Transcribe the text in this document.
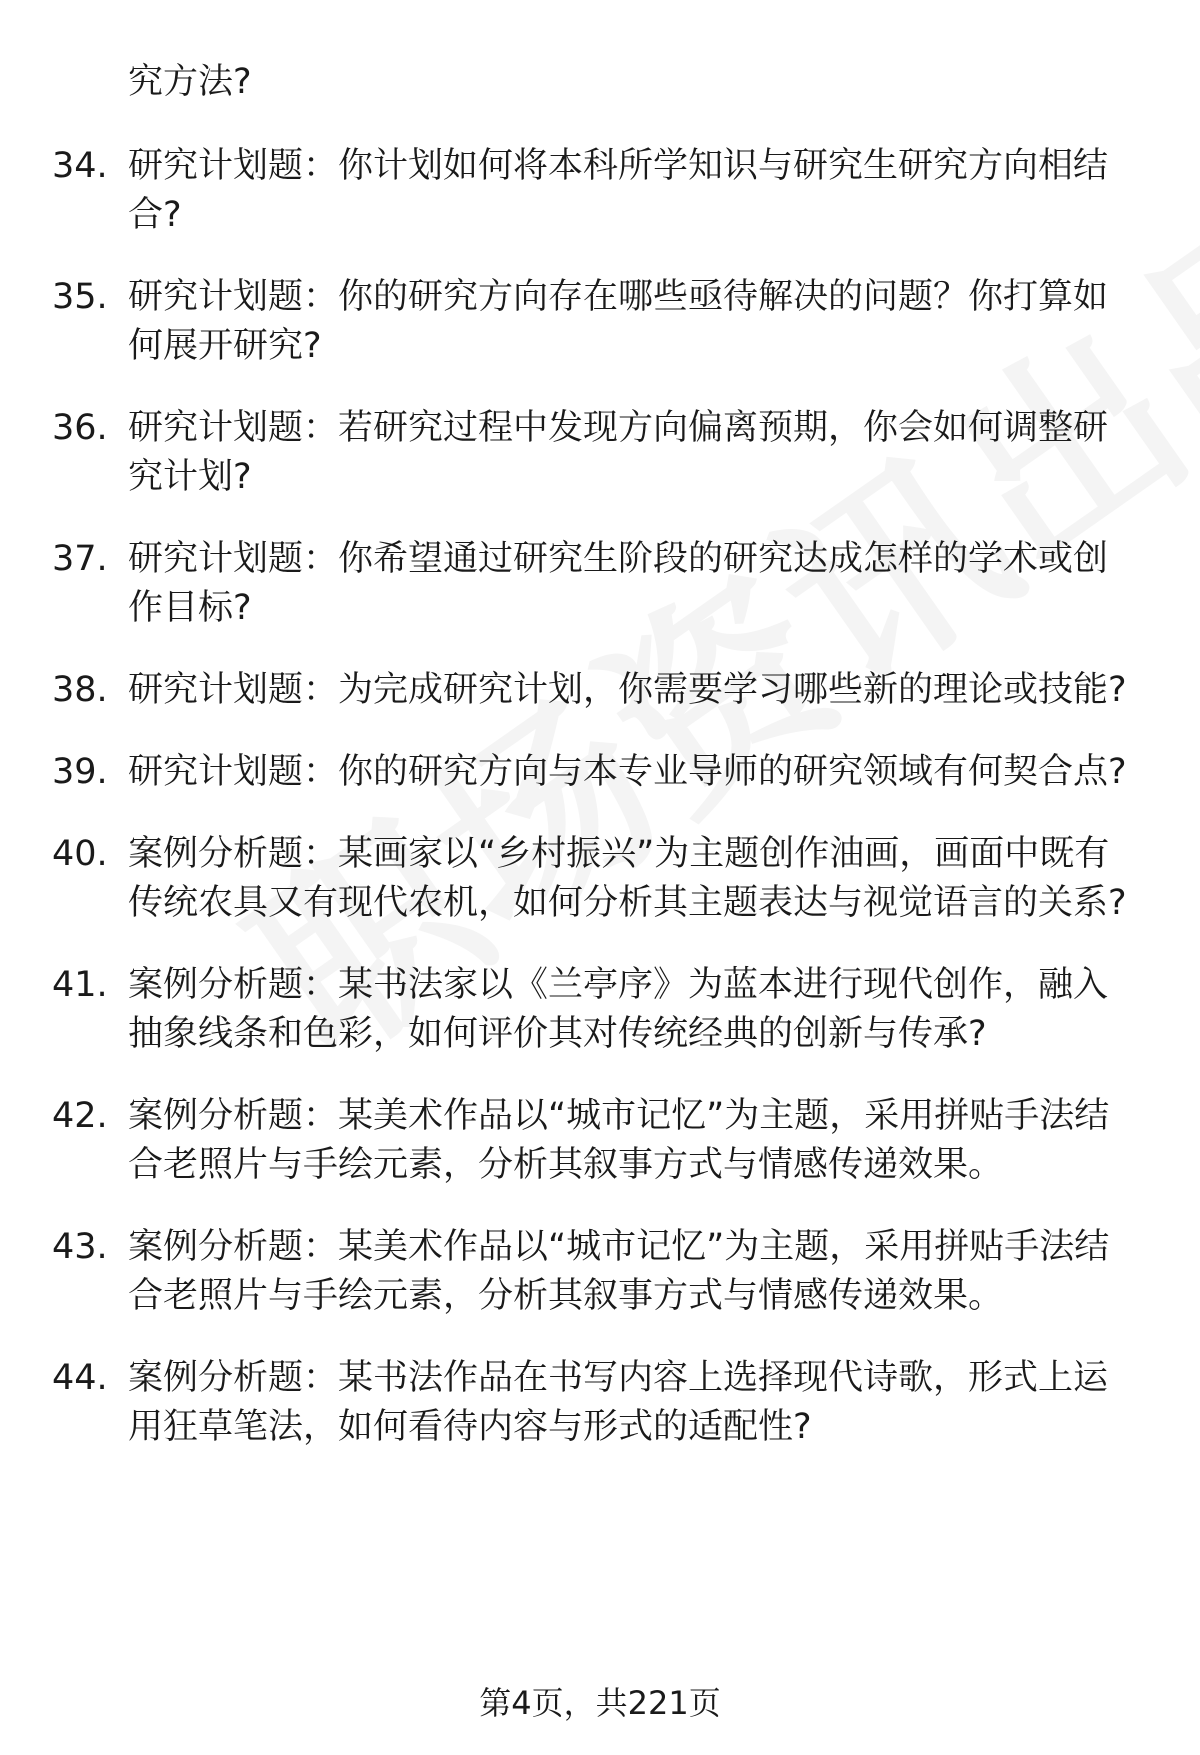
究方法?

34. 研究计划题：你计划如何将本科所学知识与研究生研究方向相结合?
35. 研究计划题：你的研究方向存在哪些亟待解决的问题？你打算如何展开研究?
36. 研究计划题：若研究过程中发现方向偏离预期，你会如何调整研究计划?
37. 研究计划题：你希望通过研究生阶段的研究达成怎样的学术或创作目标?
38. 研究计划题：为完成研究计划，你需要学习哪些新的理论或技能?
39. 研究计划题：你的研究方向与本专业导师的研究领域有何契合点?
40. 案例分析题：某画家以“乡村振兴”为主题创作油画，画面中既有传统农具又有现代农机，如何分析其主题表达与视觉语言的关系?
41. 案例分析题：某书法家以《兰亭序》为蓝本进行现代创作，融入抽象线条和色彩，如何评价其对传统经典的创新与传承?
42. 案例分析题：某美术作品以“城市记忆”为主题，采用拼贴手法结合老照片与手绘元素，分析其叙事方式与情感传递效果。
43. 案例分析题：某美术作品以“城市记忆”为主题，采用拼贴手法结合老照片与手绘元素，分析其叙事方式与情感传递效果。
44. 案例分析题：某书法作品在书写内容上选择现代诗歌，形式上运用狂草笔法，如何看待内容与形式的适配性?
第4页，共221页
